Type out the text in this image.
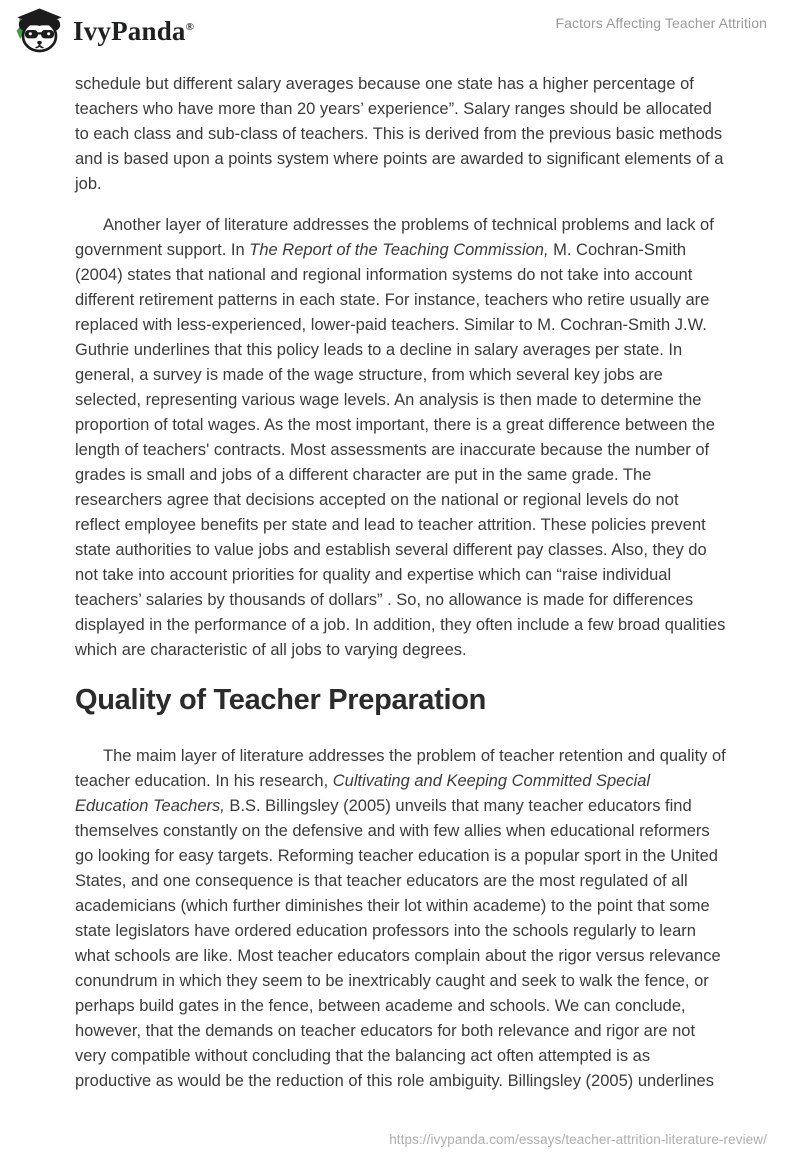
IvyPanda®	Factors Affecting Teacher Attrition

schedule but different salary averages because one state has a higher percentage of teachers who have more than 20 years’ experience”. Salary ranges should be allocated to each class and sub-class of teachers. This is derived from the previous basic methods and is based upon a points system where points are awarded to significant elements of a job.

Another layer of literature addresses the problems of technical problems and lack of government support. In The Report of the Teaching Commission, M. Cochran-Smith (2004) states that national and regional information systems do not take into account different retirement patterns in each state. For instance, teachers who retire usually are replaced with less-experienced, lower-paid teachers. Similar to M. Cochran-Smith J.W. Guthrie underlines that this policy leads to a decline in salary averages per state. In general, a survey is made of the wage structure, from which several key jobs are selected, representing various wage levels. An analysis is then made to determine the proportion of total wages. As the most important, there is a great difference between the length of teachers' contracts. Most assessments are inaccurate because the number of grades is small and jobs of a different character are put in the same grade. The researchers agree that decisions accepted on the national or regional levels do not reflect employee benefits per state and lead to teacher attrition. These policies prevent state authorities to value jobs and establish several different pay classes. Also, they do not take into account priorities for quality and expertise which can “raise individual teachers’ salaries by thousands of dollars” . So, no allowance is made for differences displayed in the performance of a job. In addition, they often include a few broad qualities which are characteristic of all jobs to varying degrees.

Quality of Teacher Preparation

The maim layer of literature addresses the problem of teacher retention and quality of teacher education. In his research, Cultivating and Keeping Committed Special Education Teachers, B.S. Billingsley (2005) unveils that many teacher educators find themselves constantly on the defensive and with few allies when educational reformers go looking for easy targets. Reforming teacher education is a popular sport in the United States, and one consequence is that teacher educators are the most regulated of all academicians (which further diminishes their lot within academe) to the point that some state legislators have ordered education professors into the schools regularly to learn what schools are like. Most teacher educators complain about the rigor versus relevance conundrum in which they seem to be inextricably caught and seek to walk the fence, or perhaps build gates in the fence, between academe and schools. We can conclude, however, that the demands on teacher educators for both relevance and rigor are not very compatible without concluding that the balancing act often attempted is as productive as would be the reduction of this role ambiguity. Billingsley (2005) underlines

https://ivypanda.com/essays/teacher-attrition-literature-review/
